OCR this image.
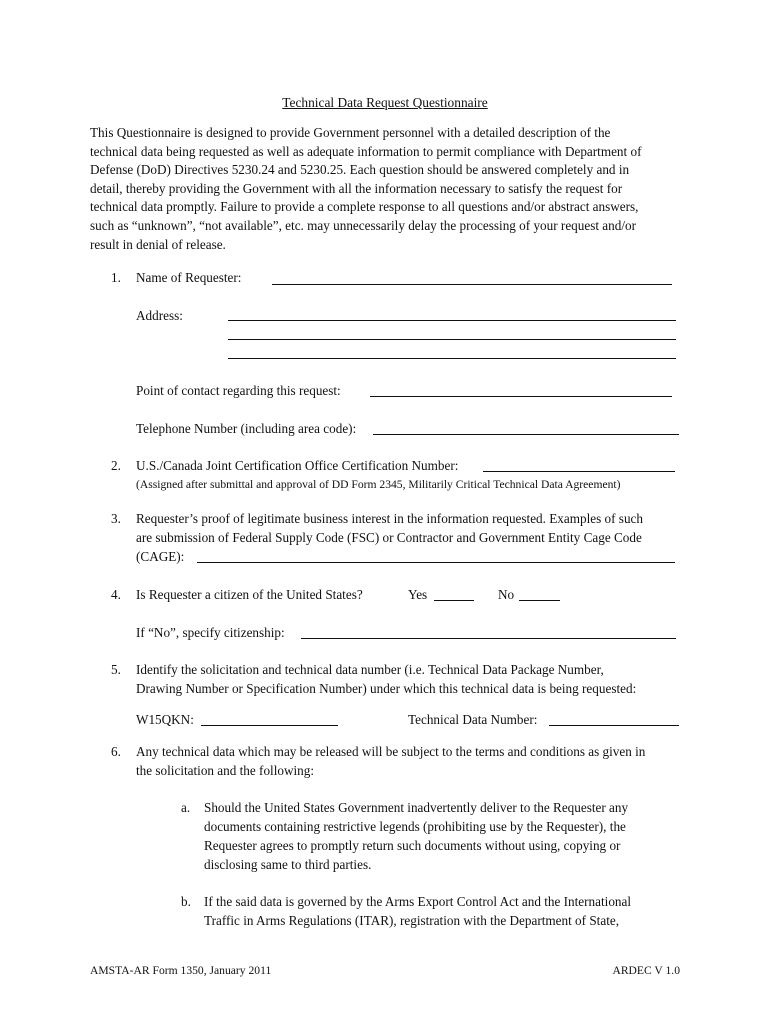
Technical Data Request Questionnaire
This Questionnaire is designed to provide Government personnel with a detailed description of the
technical data being requested as well as adequate information to permit compliance with Department of
Defense (DoD) Directives 5230.24 and 5230.25. Each question should be answered completely and in
detail, thereby providing the Government with all the information necessary to satisfy the request for
technical data promptly. Failure to provide a complete response to all questions and/or abstract answers,
such as “unknown”, “not available”, etc. may unnecessarily delay the processing of your request and/or
result in denial of release.
1. Name of Requester:
Address:
Point of contact regarding this request:
Telephone Number (including area code):
2. U.S./Canada Joint Certification Office Certification Number:
(Assigned after submittal and approval of DD Form 2345, Militarily Critical Technical Data Agreement)
3. Requester’s proof of legitimate business interest in the information requested. Examples of such
are submission of Federal Supply Code (FSC) or Contractor and Government Entity Cage Code
(CAGE):
4. Is Requester a citizen of the United States?	Yes	No
If “No”, specify citizenship:
5. Identify the solicitation and technical data number (i.e. Technical Data Package Number,
Drawing Number or Specification Number) under which this technical data is being requested:
W15QKN:	Technical Data Number:
6. Any technical data which may be released will be subject to the terms and conditions as given in
the solicitation and the following:
a. Should the United States Government inadvertently deliver to the Requester any
documents containing restrictive legends (prohibiting use by the Requester), the
Requester agrees to promptly return such documents without using, copying or
disclosing same to third parties.
b. If the said data is governed by the Arms Export Control Act and the International
Traffic in Arms Regulations (ITAR), registration with the Department of State,
AMSTA-AR Form 1350, January 2011	ARDEC V 1.0
